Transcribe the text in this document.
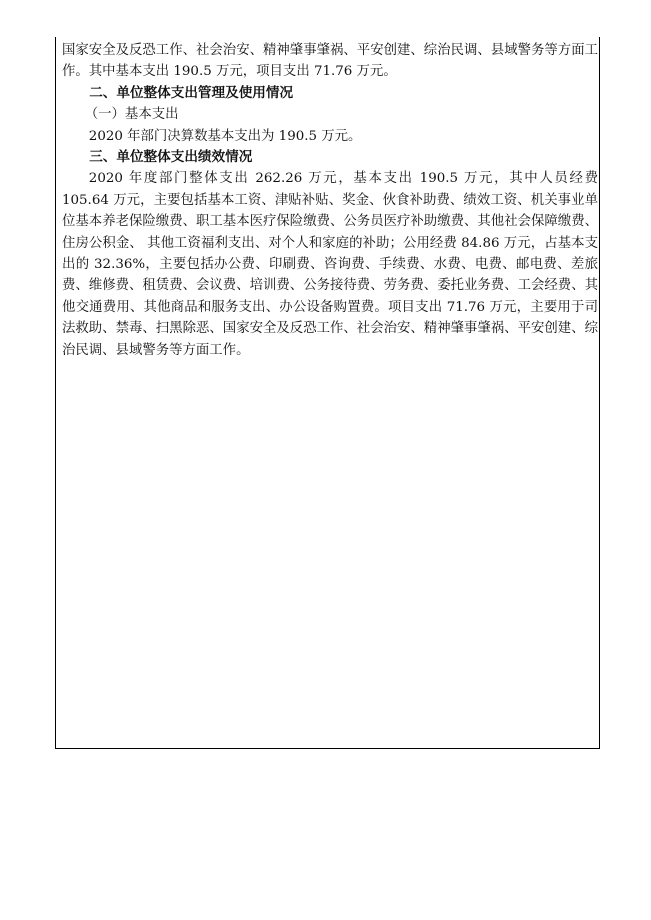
国家安全及反恐工作、社会治安、精神肇事肇祸、平安创建、综治民调、县域警务等方面工作。其中基本支出 190.5 万元，项目支出 71.76 万元。

二、单位整体支出管理及使用情况

（一）基本支出

2020 年部门决算数基本支出为 190.5 万元。

三、单位整体支出绩效情况

2020 年度部门整体支出 262.26 万元，基本支出 190.5 万元，其中人员经费 105.64 万元，主要包括基本工资、津贴补贴、奖金、伙食补助费、绩效工资、机关事业单位基本养老保险缴费、职工基本医疗保险缴费、公务员医疗补助缴费、其他社会保障缴费、住房公积金、 其他工资福利支出、对个人和家庭的补助；公用经费 84.86 万元，占基本支出的 32.36%，主要包括办公费、印刷费、咨询费、手续费、水费、电费、邮电费、差旅费、维修费、租赁费、会议费、培训费、公务接待费、劳务费、委托业务费、工会经费、其他交通费用、其他商品和服务支出、办公设备购置费。项目支出 71.76 万元，主要用于司法救助、禁毒、扫黑除恶、国家安全及反恐工作、社会治安、精神肇事肇祸、平安创建、综治民调、县域警务等方面工作。
